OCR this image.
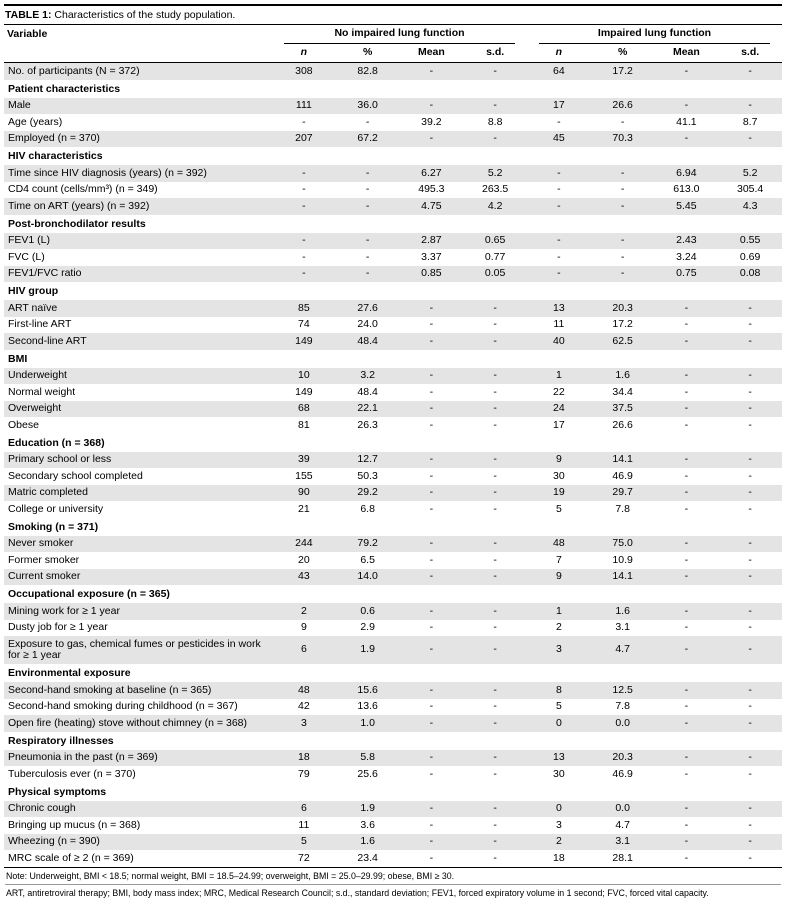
TABLE 1: Characteristics of the study population.
Variable	No impaired lung function				Impaired lung function			

	n	%	Mean	s.d.	n	%	Mean	s.d.
No. of participants (N = 372)	308	82.8	-	-	64	17.2	-	-
Patient characteristics								
Male	111	36.0	-	-	17	26.6	-	-
Age (years)	-	-	39.2	8.8	-	-	41.1	8.7
Employed (n = 370)	207	67.2	-	-	45	70.3	-	-
HIV characteristics								
Time since HIV diagnosis (years) (n = 392)	-	-	6.27	5.2	-	-	6.94	5.2
CD4 count (cells/mm³) (n = 349)	-	-	495.3	263.5	-	-	613.0	305.4
Time on ART (years) (n = 392)	-	-	4.75	4.2	-	-	5.45	4.3
Post-bronchodilator results								
FEV1 (L)	-	-	2.87	0.65	-	-	2.43	0.55
FVC (L)	-	-	3.37	0.77	-	-	3.24	0.69
FEV1/FVC ratio	-	-	0.85	0.05	-	-	0.75	0.08
HIV group								
ART naïve	85	27.6	-	-	13	20.3	-	-
First-line ART	74	24.0	-	-	11	17.2	-	-
Second-line ART	149	48.4	-	-	40	62.5	-	-
BMI								
Underweight	10	3.2	-	-	1	1.6	-	-
Normal weight	149	48.4	-	-	22	34.4	-	-
Overweight	68	22.1	-	-	24	37.5	-	-
Obese	81	26.3	-	-	17	26.6	-	-
Education (n = 368)								
Primary school or less	39	12.7	-	-	9	14.1	-	-
Secondary school completed	155	50.3	-	-	30	46.9	-	-
Matric completed	90	29.2	-	-	19	29.7	-	-
College or university	21	6.8	-	-	5	7.8	-	-
Smoking (n = 371)								
Never smoker	244	79.2	-	-	48	75.0	-	-
Former smoker	20	6.5	-	-	7	10.9	-	-
Current smoker	43	14.0	-	-	9	14.1	-	-
Occupational exposure (n = 365)								
Mining work for ≥ 1 year	2	0.6	-	-	1	1.6	-	-
Dusty job for ≥ 1 year	9	2.9	-	-	2	3.1	-	-
Exposure to gas, chemical fumes or pesticides in work for ≥ 1 year	6	1.9	-	-	3	4.7	-	-
Environmental exposure								
Second-hand smoking at baseline (n = 365)	48	15.6	-	-	8	12.5	-	-
Second-hand smoking during childhood (n = 367)	42	13.6	-	-	5	7.8	-	-
Open fire (heating) stove without chimney (n = 368)	3	1.0	-	-	0	0.0	-	-
Respiratory illnesses								
Pneumonia in the past (n = 369)	18	5.8	-	-	13	20.3	-	-
Tuberculosis ever (n = 370)	79	25.6	-	-	30	46.9	-	-
Physical symptoms								
Chronic cough	6	1.9	-	-	0	0.0	-	-
Bringing up mucus (n = 368)	11	3.6	-	-	3	4.7	-	-
Wheezing (n = 390)	5	1.6	-	-	2	3.1	-	-
MRC scale of ≥ 2 (n = 369)	72	23.4	-	-	18	28.1	-	-
Note: Underweight, BMI < 18.5; normal weight, BMI = 18.5–24.99; overweight, BMI = 25.0–29.99; obese, BMI ≥ 30.
ART, antiretroviral therapy; BMI, body mass index; MRC, Medical Research Council; s.d., standard deviation; FEV1, forced expiratory volume in 1 second; FVC, forced vital capacity.
